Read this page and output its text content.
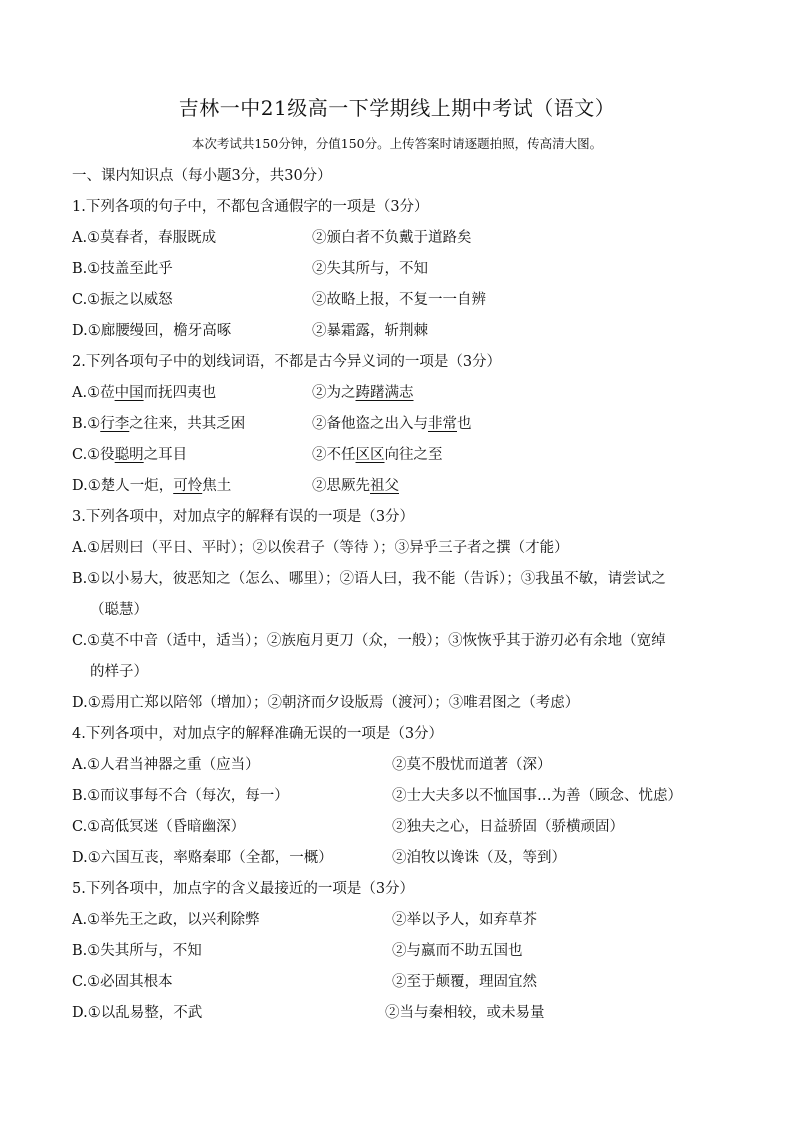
吉林一中21级高一下学期线上期中考试（语文）
本次考试共150分钟，分值150分。上传答案时请逐题拍照，传高清大图。
一、课内知识点（每小题3分，共30分）
1.下列各项的句子中，不都包含通假字的一项是（3分）
A.①莫春者，春服既成	②颁白者不负戴于道路矣
B.①技盖至此乎	②失其所与，不知
C.①振之以威怒	②故略上报，不复一一自辨
D.①廊腰缦回，檐牙高啄	②暴霜露，斩荆棘
2.下列各项句子中的划线词语，不都是古今异义词的一项是（3分）
A.①莅中国而抚四夷也	②为之踌躇满志
B.①行李之往来，共其乏困	②备他盗之出入与非常也
C.①役聪明之耳目	②不任区区向往之至
D.①楚人一炬，可怜焦土	②思厥先祖父
3.下列各项中，对加点字的解释有误的一项是（3分）
A.①居则曰（平日、平时）；②以俟君子（等待 ）；③异乎三子者之撰（才能）
B.①以小易大，彼恶知之（怎么、哪里）；②语人曰，我不能（告诉）；③我虽不敏，请尝试之
（聪慧）
C.①莫不中音（适中，适当）；②族庖月更刀（众，一般）；③恢恢乎其于游刃必有余地（宽绰
的样子）
D.①焉用亡郑以陪邻（增加）；②朝济而夕设版焉（渡河）；③唯君图之（考虑）
4.下列各项中，对加点字的解释准确无误的一项是（3分）
A.①人君当神器之重（应当）	②莫不殷忧而道著（深）
B.①而议事每不合（每次，每一）	②士大夫多以不恤国事…为善（顾念、忧虑）
C.①高低冥迷（昏暗幽深）	②独夫之心，日益骄固（骄横顽固）
D.①六国互丧，率赂秦耶（全都，一概）	②洎牧以谗诛（及，等到）
5.下列各项中，加点字的含义最接近的一项是（3分）
A.①举先王之政，以兴利除弊	②举以予人，如弃草芥
B.①失其所与，不知	②与嬴而不助五国也
C.①必固其根本	②至于颠覆，理固宜然
D.①以乱易整，不武	②当与秦相较，或未易量
